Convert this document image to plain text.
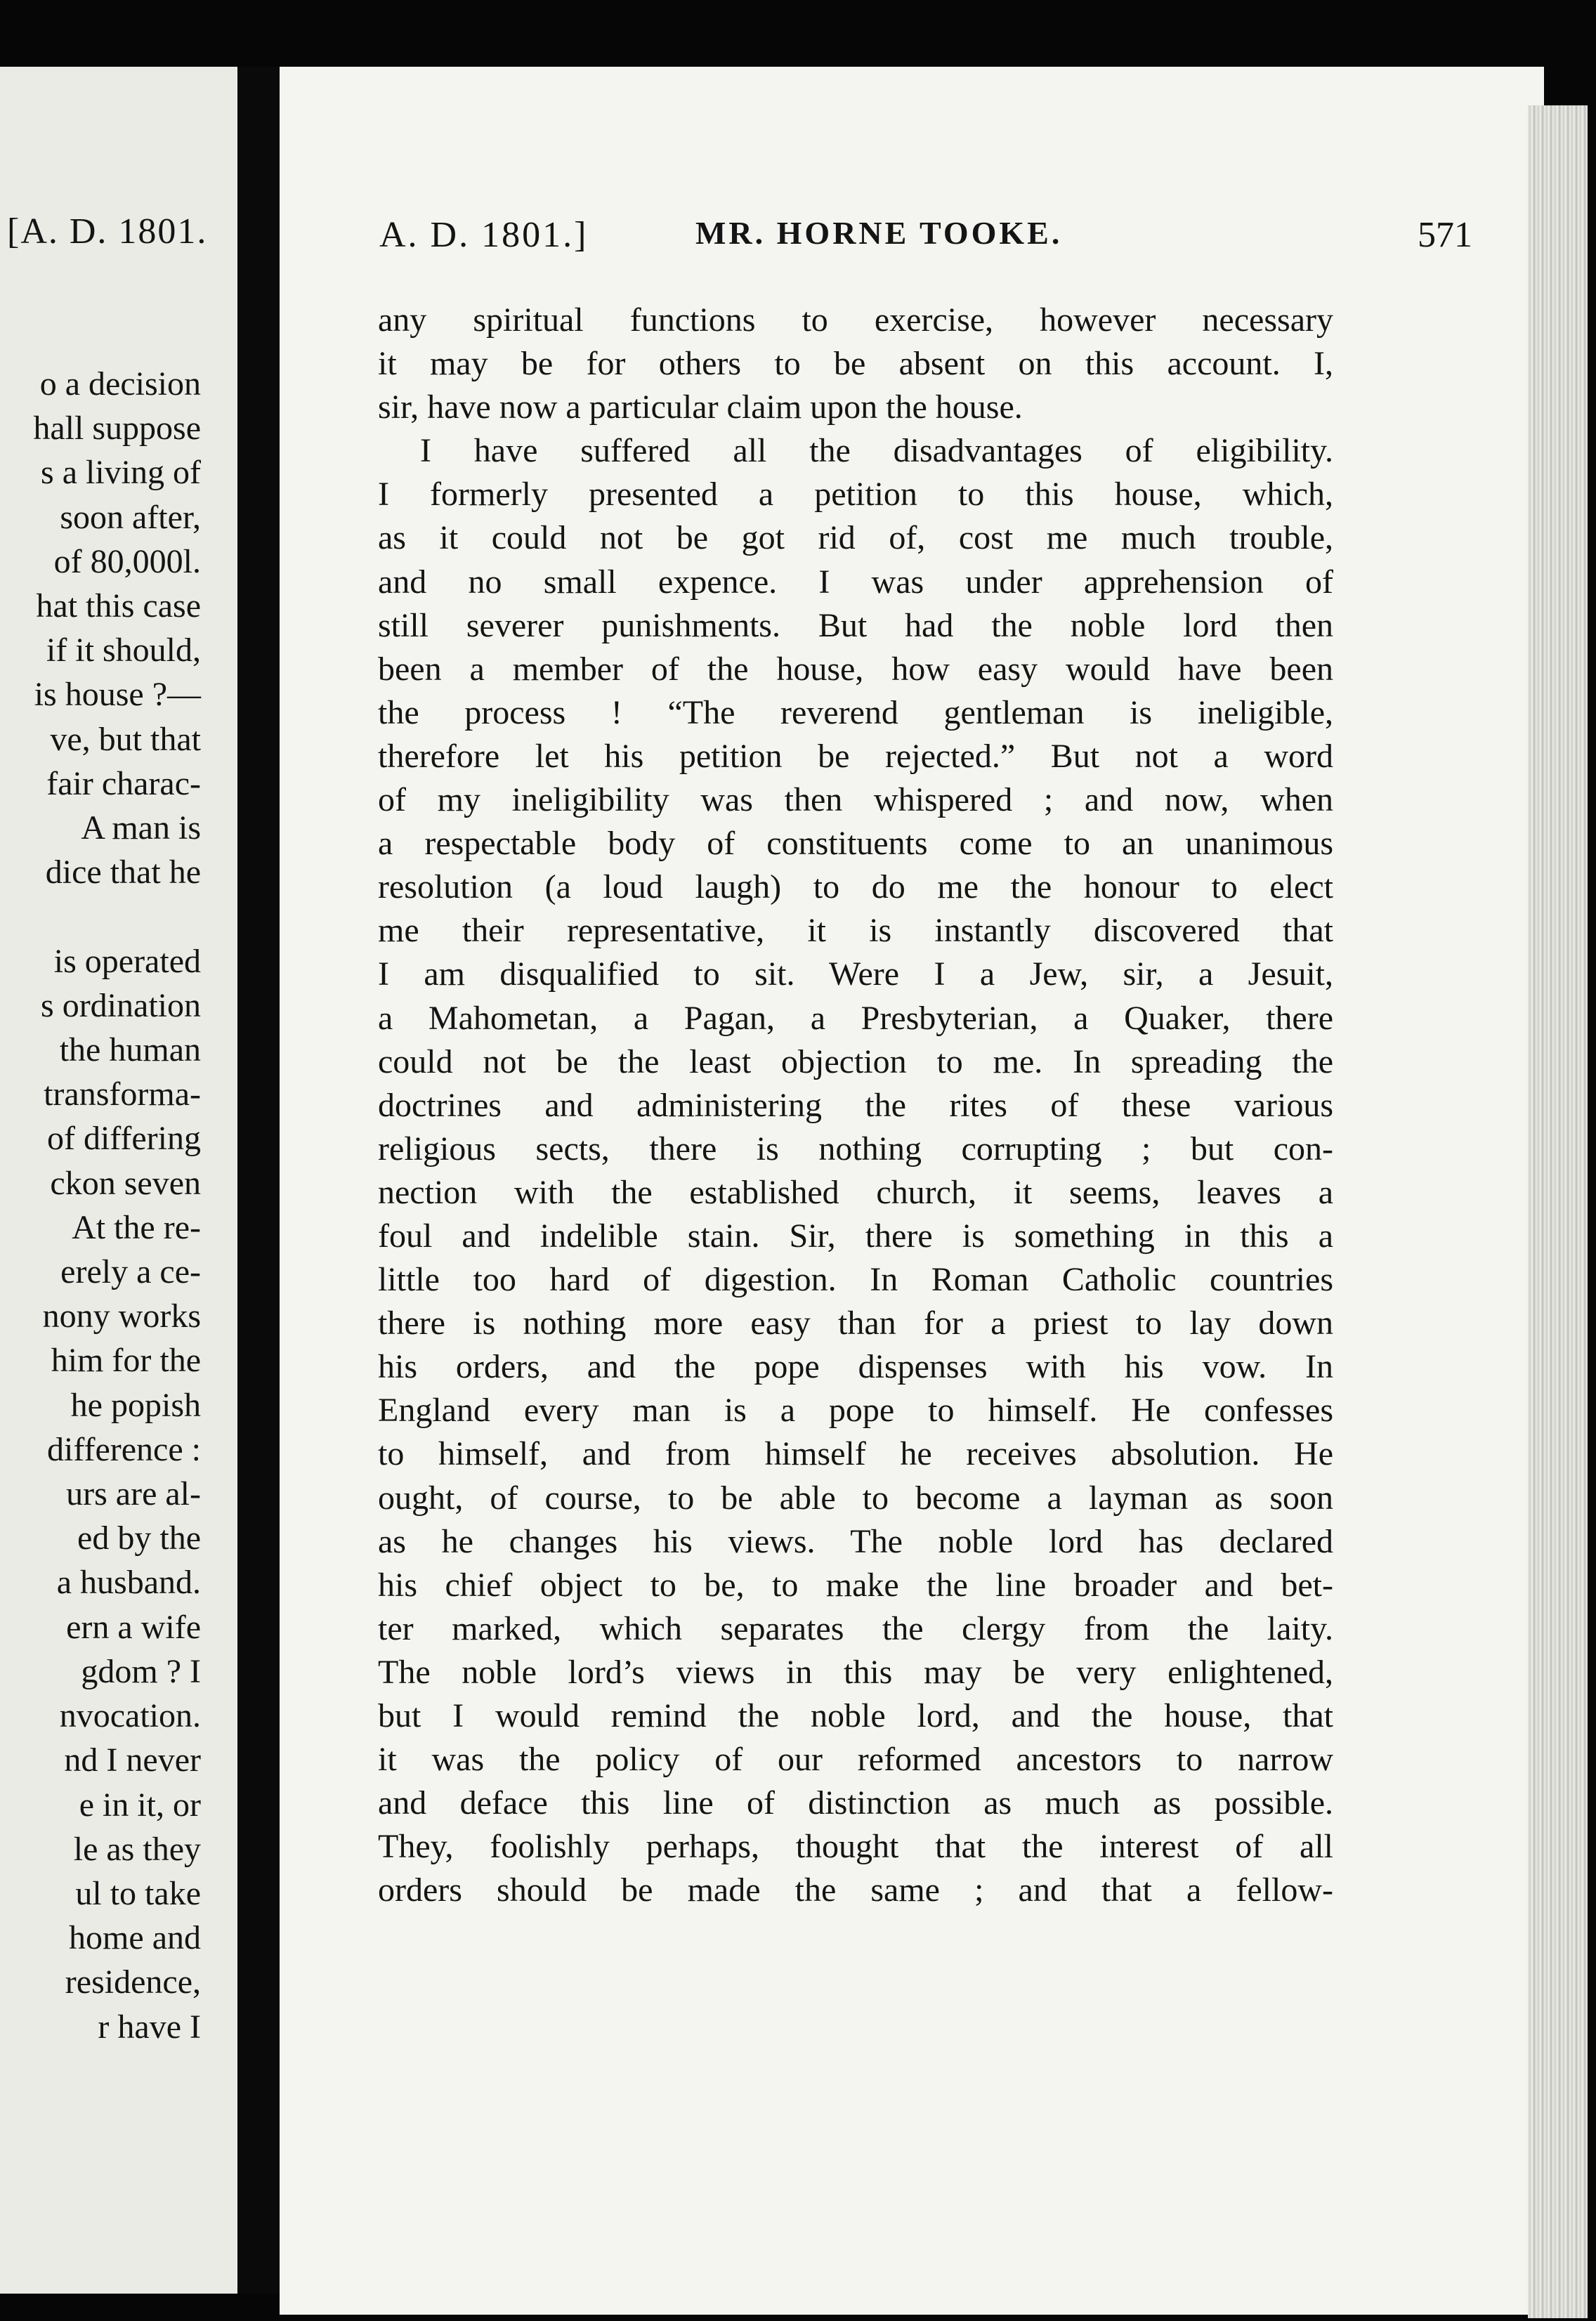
[A. D. 1801.
o a decision
hall suppose
s a living of
soon after,
of 80,000l.
hat this case
if it should,
is house ?—
ve, but that
fair charac-
A man is
dice that he

is operated
s ordination
the human
transforma-
of differing
ckon seven
At the re-
erely a ce-
nony works
him for the
he popish
difference :
urs are al-
ed by the
a husband.
ern a wife
gdom ? I
nvocation.
nd I never
e in it, or
le as they
ul to take
home and
residence,
r have I
A. D. 1801.]	MR. HORNE TOOKE.	571
any spiritual functions to exercise, however necessary
it may be for others to be absent on this account. I,
sir, have now a particular claim upon the house.
I have suffered all the disadvantages of eligibility.
I formerly presented a petition to this house, which,
as it could not be got rid of, cost me much trouble,
and no small expence. I was under apprehension of
still severer punishments. But had the noble lord then
been a member of the house, how easy would have been
the process ! “The reverend gentleman is ineligible,
therefore let his petition be rejected.” But not a word
of my ineligibility was then whispered ; and now, when
a respectable body of constituents come to an unanimous
resolution (a loud laugh) to do me the honour to elect
me their representative, it is instantly discovered that
I am disqualified to sit. Were I a Jew, sir, a Jesuit,
a Mahometan, a Pagan, a Presbyterian, a Quaker, there
could not be the least objection to me. In spreading the
doctrines and administering the rites of these various
religious sects, there is nothing corrupting ; but con-
nection with the established church, it seems, leaves a
foul and indelible stain. Sir, there is something in this a
little too hard of digestion. In Roman Catholic countries
there is nothing more easy than for a priest to lay down
his orders, and the pope dispenses with his vow. In
England every man is a pope to himself. He confesses
to himself, and from himself he receives absolution. He
ought, of course, to be able to become a layman as soon
as he changes his views. The noble lord has declared
his chief object to be, to make the line broader and bet-
ter marked, which separates the clergy from the laity.
The noble lord’s views in this may be very enlightened,
but I would remind the noble lord, and the house, that
it was the policy of our reformed ancestors to narrow
and deface this line of distinction as much as possible.
They, foolishly perhaps, thought that the interest of all
orders should be made the same ; and that a fellow-
